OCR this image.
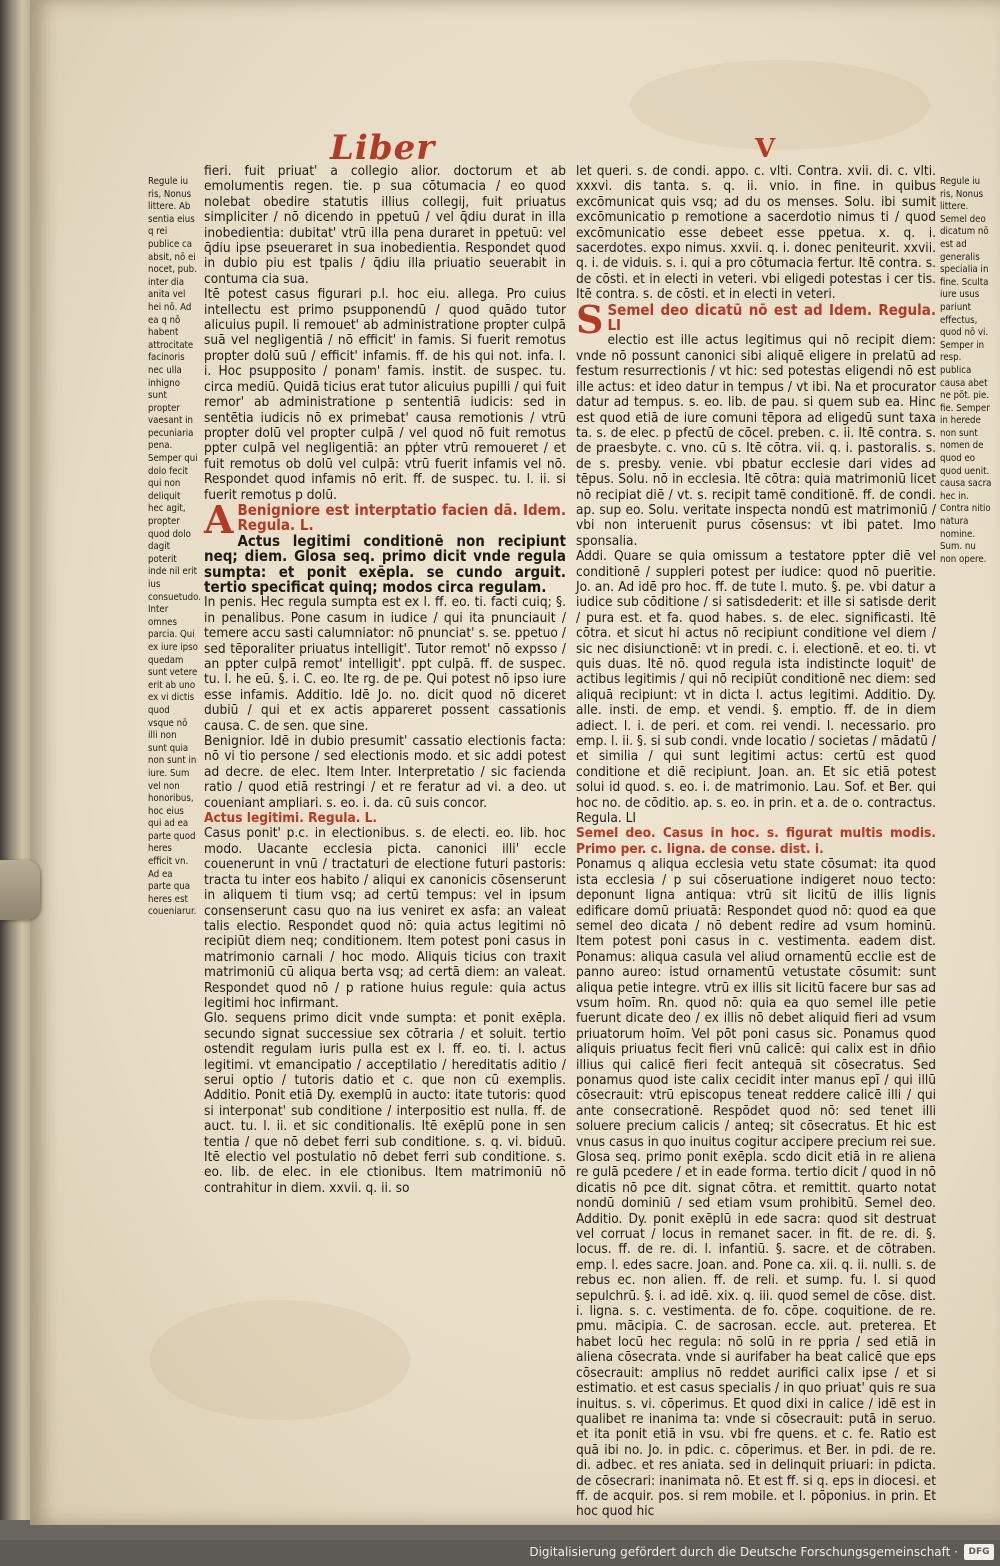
Liber	V

Regule iu ris, Nonus littere. Ab sentia eius q rei publice ca absit, nō ei nocet, pub. inter dia anita vel hei nō. Ad ea q nō habent attrocitate facinoris nec ulla inhigno sunt propter vaesant in pecuniaria pena. Semper qui dolo fecit qui non deliquit hec agit, propter quod dolo dagit poterit inde nil erit ius consuetudo. Inter omnes parcia. Qui ex iure ipso quedam sunt vetere erit ab uno ex vi dictis quod vsque nō illi non sunt quia non sunt in iure. Sum vel non honoribus, hoc eius qui ad ea parte quod heres efficit vn. Ad ea parte qua heres est coueniarur.

Regule iu ris, Nonus littere. Semel deo dicatum nō est ad generalis specialia in fine. Sculta iure usus pariunt effectus, quod nō vi. Semper in resp. publica causa abet ne pōt. pie. fie. Semper in herede non sunt nomen de quod eo quod uenit. causa sacra hec in. Contra nitio natura nomine. Sum. nu non opere.

fieri. fuit priuat' a collegio alior. doctorum et ab emolumentis regen. tie. p sua cōtumacia / eo quod nolebat obedire statutis illius collegij, fuit priuatus simpliciter / nō dicendo in ppetuū / vel q̄diu durat in illa inobedientia: dubitat' vtrū illa pena duraret in ppetuū: vel q̄diu ipse pseueraret in sua inobedientia. Respondet quod in dubio piu est tpalis / q̄diu illa priuatio seuerabit in contuma cia sua.

Itē potest casus figurari p.l. hoc eiu. allega. Pro cuius intellectu est primo psupponendū / quod quādo tutor alicuius pupil. li remouet' ab administratione propter culpā suā vel negligentiā / nō efficit' in famis. Si fuerit remotus propter dolū suū / efficit' infamis. ff. de his qui not. infa. l. i. Hoc psupposito / ponam' famis. instit. de suspec. tu. circa mediū. Quidā ticius erat tutor alicuius pupilli / qui fuit remor' ab administratione p sententiā iudicis: sed in sentētia iudicis nō ex primebat' causa remotionis / vtrū propter dolū vel propter culpā / vel quod nō fuit remotus ppter culpā vel negligentiā: an pṗter vtrū remoueret / et fuit remotus ob dolū vel culpā: vtrū fuerit infamis vel nō. Respondet quod infamis nō erit. ff. de suspec. tu. l. ii. si fuerit remotus p dolū.

A Benigniore est interptatio facien dā. Idem. Regula. L.

Actus legitimi conditionē non recipiunt neq; diem. Glosa seq. primo dicit vnde regula sumpta: et ponit exēpla. se cundo arguit. tertio specificat quinq; modos circa regulam.

In penis. Hec regula sumpta est ex l. ff. eo. ti. facti cuiq; §. in penalibus. Pone casum in iudice / qui ita pnunciauit / temere accu sasti calumniator: nō pnunciat' s. se. ppetuo / sed tēporaliter priuatus intelligit'. Tutor remot' nō expsso / an ppter culpā remot' intelligit'. ppt culpā. ff. de suspec. tu. l. he eū. §. i. C. eo. Ite rg. de pe. Qui potest nō ipso iure esse infamis. Additio. Idē Jo. no. dicit quod nō diceret dubiū / qui et ex actis appareret possent cassationis causa. C. de sen. que sine.

Benignior. Idē in dubio presumit' cassatio electionis facta: nō vi tio persone / sed electionis modo. et sic addi potest ad decre. de elec. Item Inter. Interpretatio / sic facienda ratio / quod etiā restringi / et re feratur ad vi. a deo. ut coueniant ampliari. s. eo. i. da. cū suis concor.

Actus legitimi. Regula. L.

Casus ponit' p.c. in electionibus. s. de electi. eo. lib. hoc modo. Uacante ecclesia picta. canonici illi' eccle couenerunt in vnū / tractaturi de electione futuri pastoris: tracta tu inter eos habito / aliqui ex canonicis cōsenserunt in aliquem ti tium vsq; ad certū tempus: vel in ipsum consenserunt casu quo na ius veniret ex asfa: an valeat talis electio. Respondet quod nō: quia actus legitimi nō recipiūt diem neq; conditionem. Item potest poni casus in matrimonio carnali / hoc modo. Aliquis ticius con traxit matrimoniū cū aliqua berta vsq; ad certā diem: an valeat. Respondet quod nō / p ratione huius regule: quia actus legitimi hoc infirmant.

Glo. sequens primo dicit vnde sumpta: et ponit exēpla. secundo signat successiue sex cōtraria / et soluit. tertio ostendit regulam iuris pulla est ex l. ff. eo. ti. l. actus legitimi. vt emancipatio / acceptilatio / hereditatis aditio / serui optio / tutoris datio et c. que non cū exemplis. Additio. Ponit etiā Dy. exemplū in aucto: itate tutoris: quod si interponat' sub conditione / interpositio est nulla. ff. de auct. tu. l. ii. et sic conditionalis. Itē exēplū pone in sen tentia / que nō debet ferri sub conditione. s. q. vi. biduū. Itē electio vel postulatio nō debet ferri sub conditione. s. eo. lib. de elec. in ele ctionibus. Item matrimoniū nō contrahitur in diem. xxvii. q. ii. so

let queri. s. de condi. appo. c. vlti. Contra. xvii. di. c. vlti. xxxvi. dis tanta. s. q. ii. vnio. in fine. in quibus excōmunicat quis vsq; ad du os menses. Solu. ibi sumit excōmunicatio p remotione a sacerdotio nimus ti / quod excōmunicatio esse debeet esse ppetua. x. q. i. sacerdotes. expo nimus. xxvii. q. i. donec peniteurit. xxvii. q. i. de viduis. s. i. qui a pro cōtumacia fertur. Itē contra. s. de cōsti. et in electi in veteri. vbi eligedi potestas i cer tis. Itē contra. s. de cōsti. et in electi in veteri.

S Semel deo dicatū nō est ad Idem. Regula. LI

electio est ille actus legitimus qui nō recipit diem: vnde nō possunt canonici sibi aliquē eligere in prelatū ad festum resurrectionis / vt hic: sed potestas eligendi nō est ille actus: et ideo datur in tempus / vt ibi. Na et procurator datur ad tempus. s. eo. lib. de pau. si quem sub ea. Hinc est quod etiā de iure comuni tēpora ad eligedū sunt taxa ta. s. de elec. p pfectū de cōcel. preben. c. ii. Itē contra. s. de praesbyte. c. vno. cū s. Itē cōtra. vii. q. i. pastoralis. s. de s. presby. venie. vbi pbatur ecclesie dari vides ad tēpus. Solu. nō in ecclesia. Itē cōtra: quia matrimoniū licet nō recipiat diē / vt. s. recipit tamē conditionē. ff. de condi. ap. sup eo. Solu. veritate inspecta nondū est matrimoniū / vbi non interuenit purus cōsensus: vt ibi patet. Imo sponsalia.

Addi. Quare se quia omissum a testatore ppter diē vel conditionē / suppleri potest per iudice: quod nō pueritie. Jo. an. Ad idē pro hoc. ff. de tute l. muto. §. pe. vbi datur a iudice sub cōditione / si satisdederit: et ille si satisde derit / pura est. et fa. quod habes. s. de elec. significasti. Itē cōtra. et sicut hi actus nō recipiunt conditione vel diem / sic nec disiunctionē: vt in predi. c. i. electionē. et eo. ti. vt quis duas. Itē nō. quod regula ista indistincte loquit' de actibus legitimis / qui nō recipiūt conditionē nec diem: sed aliquā recipiunt: vt in dicta l. actus legitimi. Additio. Dy. alle. insti. de emp. et vendi. §. emptio. ff. de in diem adiect. l. i. de peri. et com. rei vendi. l. necessario. pro emp. l. ii. §. si sub condi. vnde locatio / societas / mādatū / et similia / qui sunt legitimi actus: certū est quod conditione et diē recipiunt. Joan. an. Et sic etiā potest solui id quod. s. eo. i. de matrimonio. Lau. Sof. et Ber. qui hoc no. de cōditio. ap. s. eo. in prin. et a. de o. contractus. Regula. LI

Semel deo. Casus in hoc. s. figurat multis modis. Primo per. c. ligna. de conse. dist. i.

Ponamus q aliqua ecclesia vetu state cōsumat: ita quod ista ecclesia / p sui cōseruatione indigeret nouo tecto: deponunt ligna antiqua: vtrū sit licitū de illis lignis edificare domū priuatā: Respondet quod nō: quod ea que semel deo dicata / nō debent redire ad vsum hominū. Item potest poni casus in c. vestimenta. eadem dist. Ponamus: aliqua casula vel aliud ornamentū ecclie est de panno aureo: istud ornamentū vetustate cōsumit: sunt aliqua petie integre. vtrū ex illis sit licitū facere bur sas ad vsum hoīm. Rn. quod nō: quia ea quo semel ille petie fuerunt dicate deo / ex illis nō debet aliquid fieri ad vsum priuatorum hoīm. Vel pōt poni casus sic. Ponamus quod aliquis priuatus fecit fieri vnū calicē: qui calix est in dñio illius qui calicē fieri fecit antequā sit cōsecratus. Sed ponamus quod iste calix cecidit inter manus epī / qui illū cōsecrauit: vtrū episcopus teneat reddere calicē illi / qui ante consecrationē. Respōdet quod nō: sed tenet illi soluere precium calicis / anteq; sit cōsecratus. Et hic est vnus casus in quo inuitus cogitur accipere precium rei sue.

Glosa seq. primo ponit exēpla. scdo dicit etiā in re aliena re gulā pcedere / et in eade forma. tertio dicit / quod in nō dicatis nō pce dit. signat cōtra. et remittit. quarto notat nondū dominiū / sed etiam vsum prohibitū. Semel deo. Additio. Dy. ponit exēplū in ede sacra: quod sit destruat vel corruat / locus in remanet sacer. in fit. de re. di. §. locus. ff. de re. di. l. infantiū. §. sacre. et de cōtraben. emp. l. edes sacre. Joan. and. Pone ca. xii. q. ii. nulli. s. de rebus ec. non alien. ff. de reli. et sump. fu. l. si quod sepulchrū. §. i. ad idē. xix. q. iii. quod semel de cōse. dist. i. ligna. s. c. vestimenta. de fo. cōpe. coquitione. de re. pmu. mācipia. C. de sacrosan. eccle. aut. preterea. Et habet locū hec regula: nō solū in re ppria / sed etiā in aliena cōsecrata. vnde si aurifaber ha beat calicē que eps cōsecrauit: amplius nō reddet aurifici calix ipse / et si estimatio. et est casus specialis / in quo priuat' quis re sua inuitus. s. vi. cōperimus. Et quod dixi in calice / idē est in qualibet re inanima ta: vnde si cōsecrauit: putā in seruo. et ita ponit etiā in vsu. vbi fre quens. et c. fe. Ratio est quā ibi no. Jo. in pdic. c. cōperimus. et Ber. in pdi. de re. di. adbec. et res aniata. sed in delinquit priuari: in pdicta. de cōsecrari: inanimata nō. Et est ff. si q. eps in diocesi. et ff. de acquir. pos. si rem mobile. et l. pōponius. in prin. Et hoc quod hic

Digitalisierung gefördert durch die Deutsche Forschungsgemeinschaft ·	DFG
